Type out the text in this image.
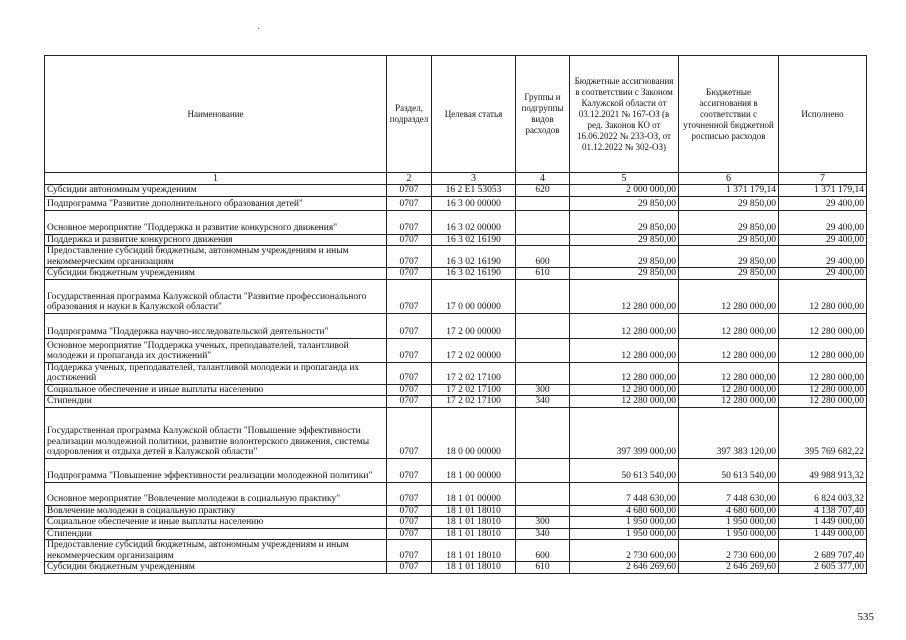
Наименование	Раздел, подраздел	Целевая статья	Группы и подгруппы видов расходов	Бюджетные ассигнования в соответствии с Законом Калужской области от 03.12.2021 № 167-ОЗ (в ред. Законов КО от 16.06.2022 № 233-ОЗ, от 01.12.2022 № 302-ОЗ)	Бюджетные ассигнования в соответствии с уточненной бюджетной росписью расходов	Исполнено
1	2	3	4	5	6	7
Субсидии автономным учреждениям	0707	16 2 E1 53053	620	2 000 000,00	1 371 179,14	1 371 179,14
Подпрограмма "Развитие дополнительного образования детей"	0707	16 3 00 00000		29 850,00	29 850,00	29 400,00
Основное мероприятие "Поддержка и развитие конкурсного движения"	0707	16 3 02 00000		29 850,00	29 850,00	29 400,00
Поддержка и развитие конкурсного движения	0707	16 3 02 16190		29 850,00	29 850,00	29 400,00
Предоставление субсидий бюджетным, автономным учреждениям и иным некоммерческим организациям	0707	16 3 02 16190	600	29 850,00	29 850,00	29 400,00
Субсидии бюджетным учреждениям	0707	16 3 02 16190	610	29 850,00	29 850,00	29 400,00
Государственная программа Калужской области "Развитие профессионального образования и науки в Калужской области"	0707	17 0 00 00000		12 280 000,00	12 280 000,00	12 280 000,00
Подпрограмма "Поддержка научно-исследовательской деятельности"	0707	17 2 00 00000		12 280 000,00	12 280 000,00	12 280 000,00
Основное мероприятие "Поддержка ученых, преподавателей, талантливой молодежи и пропаганда их достижений"	0707	17 2 02 00000		12 280 000,00	12 280 000,00	12 280 000,00
Поддержка ученых, преподавателей, талантливой молодежи и пропаганда их достижений	0707	17 2 02 17100		12 280 000,00	12 280 000,00	12 280 000,00
Социальное обеспечение и иные выплаты населению	0707	17 2 02 17100	300	12 280 000,00	12 280 000,00	12 280 000,00
Стипендии	0707	17 2 02 17100	340	12 280 000,00	12 280 000,00	12 280 000,00
Государственная программа Калужской области "Повышение эффективности реализации молодежной политики, развитие волонтерского движения, системы оздоровления и отдыха детей в Калужской области"	0707	18 0 00 00000		397 399 000,00	397 383 120,00	395 769 682,22
Подпрограмма "Повышение эффективности реализации молодежной политики"	0707	18 1 00 00000		50 613 540,00	50 613 540,00	49 988 913,32
Основное мероприятие "Вовлечение молодежи в социальную практику"	0707	18 1 01 00000		7 448 630,00	7 448 630,00	6 824 003,32
Вовлечение молодежи в социальную практику	0707	18 1 01 18010		4 680 600,00	4 680 600,00	4 138 707,40
Социальное обеспечение и иные выплаты населению	0707	18 1 01 18010	300	1 950 000,00	1 950 000,00	1 449 000,00
Стипендии	0707	18 1 01 18010	340	1 950 000,00	1 950 000,00	1 449 000,00
Предоставление субсидий бюджетным, автономным учреждениям и иным некоммерческим организациям	0707	18 1 01 18010	600	2 730 600,00	2 730 600,00	2 689 707,40
Субсидии бюджетным учреждениям	0707	18 1 01 18010	610	2 646 269,60	2 646 269,60	2 605 377,00
535
